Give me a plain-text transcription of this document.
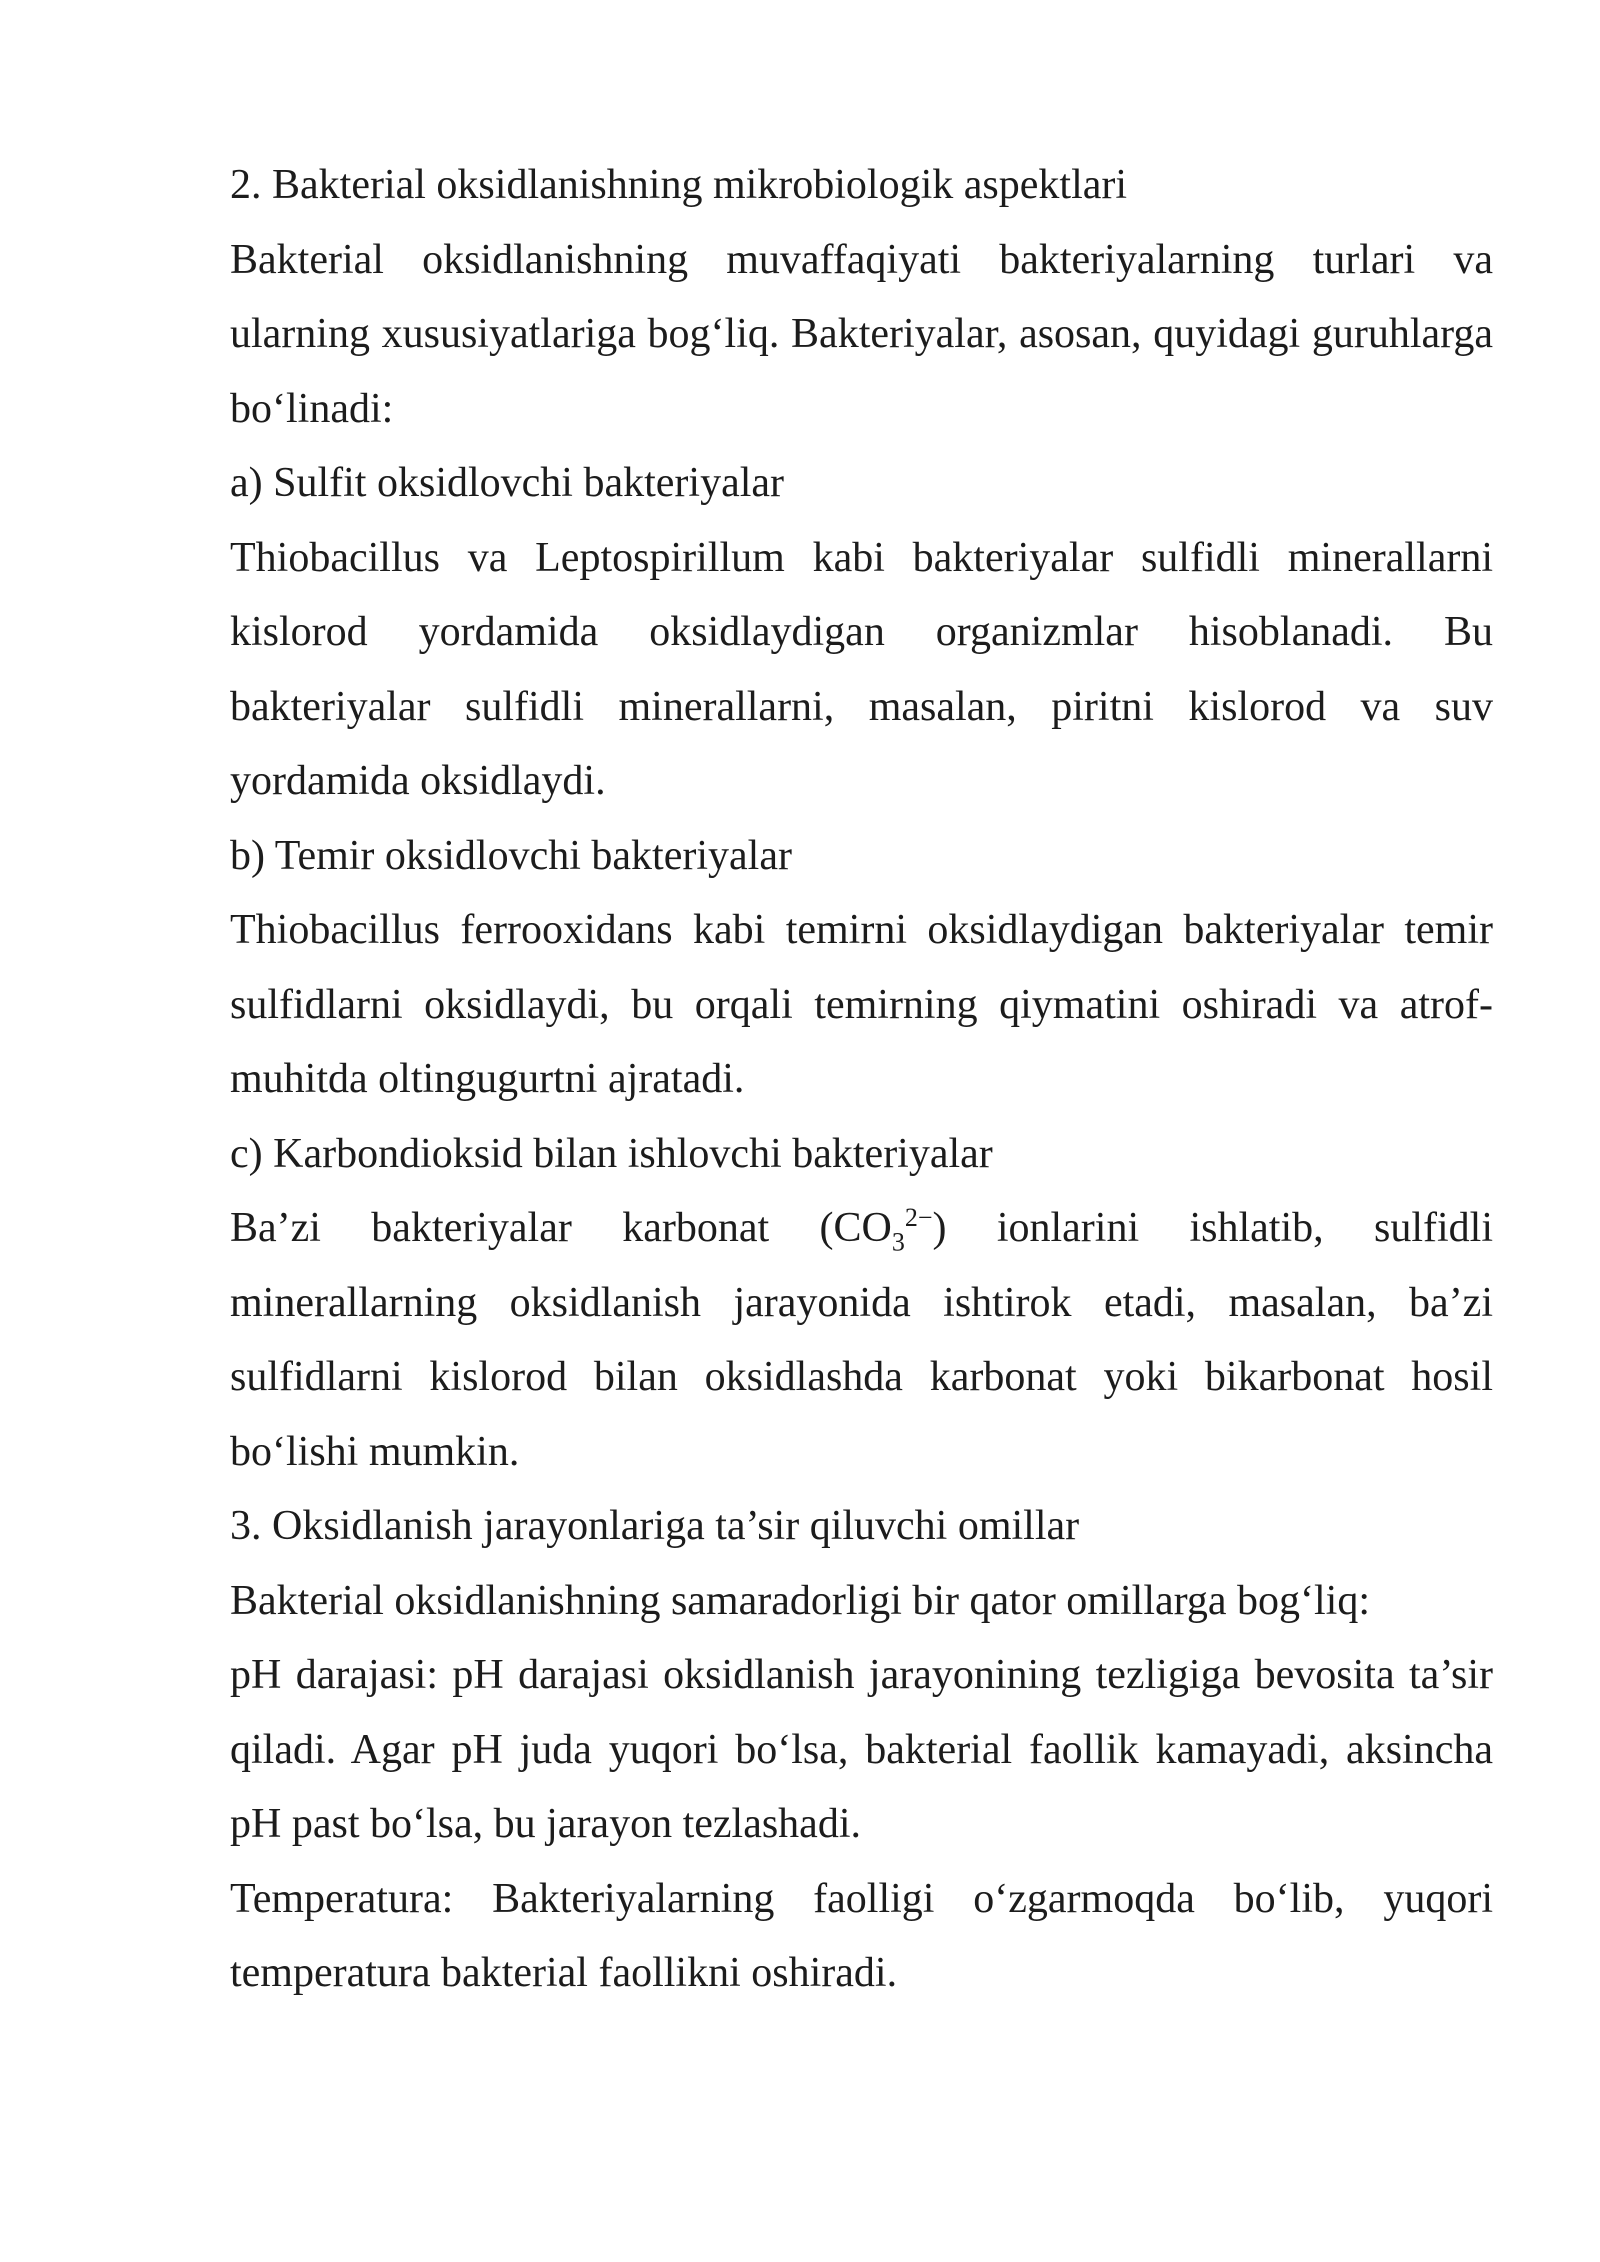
2. Bakterial oksidlanishning mikrobiologik aspektlari

Bakterial oksidlanishning muvaffaqiyati bakteriyalarning turlari va ularning xususiyatlariga bog‘liq. Bakteriyalar, asosan, quyidagi guruhlarga bo‘linadi:

a) Sulfit oksidlovchi bakteriyalar

Thiobacillus va Leptospirillum kabi bakteriyalar sulfidli minerallarni kislorod yordamida oksidlaydigan organizmlar hisoblanadi. Bu bakteriyalar sulfidli minerallarni, masalan, piritni kislorod va suv yordamida oksidlaydi.

b) Temir oksidlovchi bakteriyalar

Thiobacillus ferrooxidans kabi temirni oksidlaydigan bakteriyalar temir sulfidlarni oksidlaydi, bu orqali temirning qiymatini oshiradi va atrof-muhitda oltingugurtni ajratadi.

c) Karbondioksid bilan ishlovchi bakteriyalar

Ba’zi bakteriyalar karbonat $(CO_3^{2-})$ ionlarini ishlatib, sulfidli minerallarning oksidlanish jarayonida ishtirok etadi, masalan, ba’zi sulfidlarni kislorod bilan oksidlashda karbonat yoki bikarbonat hosil bo‘lishi mumkin.

3. Oksidlanish jarayonlariga ta’sir qiluvchi omillar

Bakterial oksidlanishning samaradorligi bir qator omillarga bog‘liq:

pH darajasi: pH darajasi oksidlanish jarayonining tezligiga bevosita ta’sir qiladi. Agar pH juda yuqori bo‘lsa, bakterial faollik kamayadi, aksincha pH past bo‘lsa, bu jarayon tezlashadi.

Temperatura: Bakteriyalarning faolligi o‘zgarmoqda bo‘lib, yuqori temperatura bakterial faollikni oshiradi.
